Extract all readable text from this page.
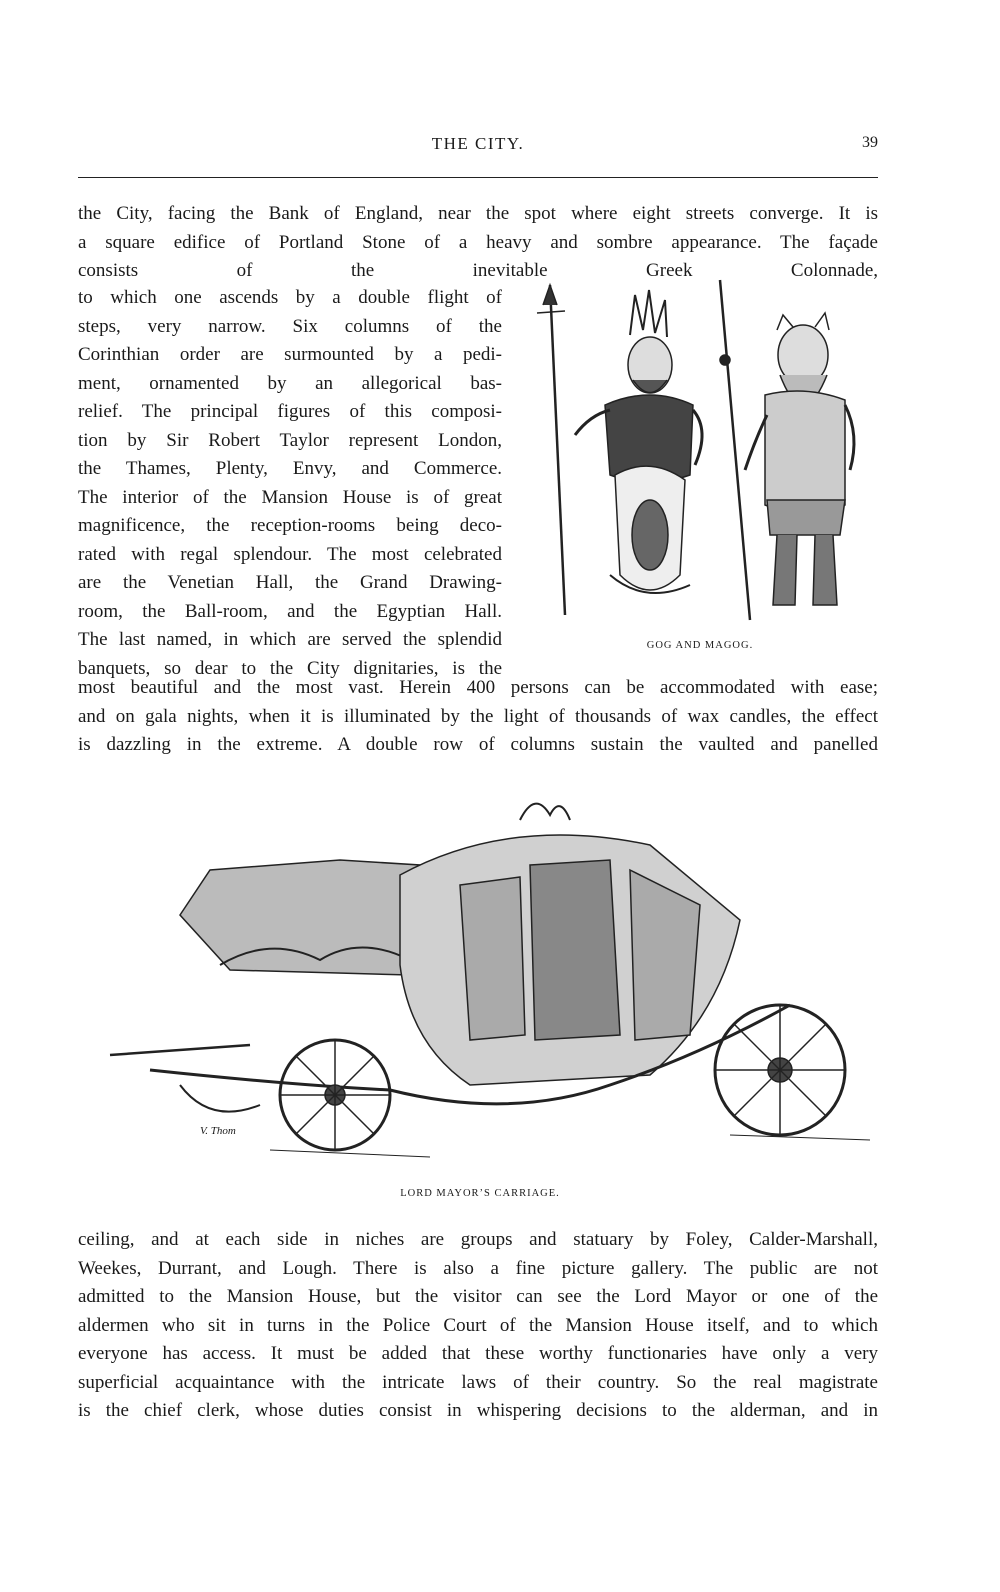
THE CITY.	39

the City, facing the Bank of England, near the spot where eight streets converge. It is
a square edifice of Portland Stone of a heavy and sombre appearance. The façade
consists of the inevitable Greek Colonnade,

to which one ascends by a double flight of
steps, very narrow. Six columns of the
Corinthian order are surmounted by a pedi-
ment, ornamented by an allegorical bas-
relief. The principal figures of this composi-
tion by Sir Robert Taylor represent London,
the Thames, Plenty, Envy, and Commerce.
The interior of the Mansion House is of great
magnificence, the reception-rooms being deco-
rated with regal splendour. The most celebrated
are the Venetian Hall, the Grand Drawing-
room, the Ball-room, and the Egyptian Hall.
The last named, in which are served the splendid
banquets, so dear to the City dignitaries, is the

GOG AND MAGOG.

most beautiful and the most vast. Herein 400 persons can be accommodated with ease;
and on gala nights, when it is illuminated by the light of thousands of wax candles, the effect
is dazzling in the extreme. A double row of columns sustain the vaulted and panelled

V. Thom
LORD MAYOR’S CARRIAGE.

ceiling, and at each side in niches are groups and statuary by Foley, Calder-Marshall,
Weekes, Durrant, and Lough. There is also a fine picture gallery. The public are not
admitted to the Mansion House, but the visitor can see the Lord Mayor or one of the
aldermen who sit in turns in the Police Court of the Mansion House itself, and to which
everyone has access. It must be added that these worthy functionaries have only a very
superficial acquaintance with the intricate laws of their country. So the real magistrate
is the chief clerk, whose duties consist in whispering decisions to the alderman, and in
